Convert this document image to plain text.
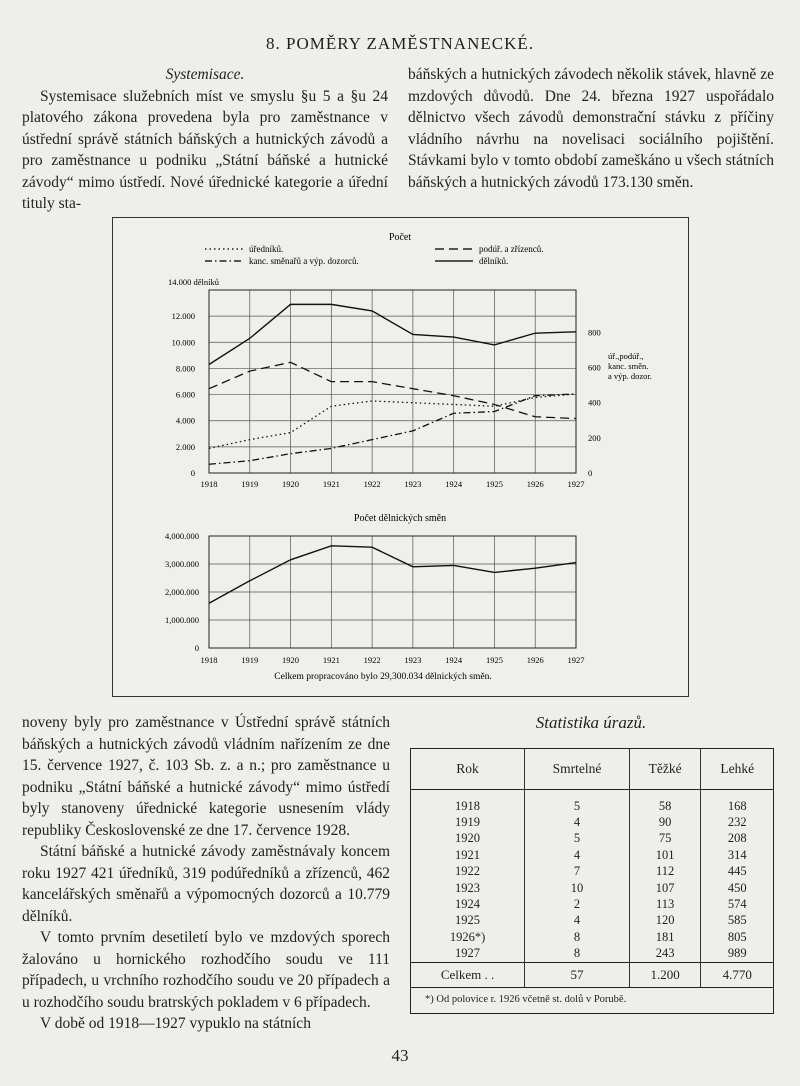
8. POMĚRY ZAMĚSTNANECKÉ.
Systemisace.

Systemisace služebních míst ve smyslu §u 5 a §u 24 platového zákona provedena byla pro zaměstnance v ústřední správě státních báňských a hutnických závodů a pro zaměstnance u podniku „Státní báňské a hutnické závody“ mimo ústředí. Nové úřednické kategorie a úřední tituly sta-

báňských a hutnických závodech několik stávek, hlavně ze mzdových důvodů. Dne 24. března 1927 uspořádalo dělnictvo všech závodů demonstrační stávku z příčiny vládního návrhu na novelisaci sociálního pojištění. Stávkami bylo v tomto období zameškáno u všech státních báňských a hutnických závodů 173.130 směn.

Počet
úředníků.	podúř. a zřízenců.
kanc. směnařů a výp. dozorců.	dělníků.
0
2.000
4.000
6.000
8.000
10.000
12.000
14.000 dělníků
0
200
400
600
800
úř.,podúř.,
kanc. směn.
a výp. dozor.
1918	1919	1920	1921	1922	1923	1924	1925	1926	1927
Počet dělnických směn
0
1,000.000
2,000.000
3,000.000
4,000.000
1918	1919	1920	1921	1922	1923	1924	1925	1926	1927
Celkem propracováno bylo 29,300.034 dělnických směn.

noveny byly pro zaměstnance v Ústřední správě státních báňských a hutnických závodů vládním nařízením ze dne 15. července 1927, č. 103 Sb. z. a n.; pro zaměstnance u podniku „Státní báňské a hutnické závody“ mimo ústředí byly stanoveny úřednické kategorie usnesením vlády republiky Československé ze dne 17. července 1928.

Státní báňské a hutnické závody zaměstnávaly koncem roku 1927 421 úředníků, 319 podúředníků a zřízenců, 462 kancelářských směnařů a výpomocných dozorců a 10.779 dělníků.

V tomto prvním desetiletí bylo ve mzdových sporech žalováno u hornického rozhodčího soudu ve 111 případech, u vrchního rozhodčího soudu ve 20 případech a u rozhodčího soudu bratrských pokladem v 6 případech.

V době od 1918—1927 vypuklo na státních

Statistika úrazů.
Rok	Smrtelné	Těžké	Lehké

1918	5	58	168
1919	4	90	232
1920	5	75	208
1921	4	101	314
1922	7	112	445
1923	10	107	450
1924	2	113	574
1925	4	120	585
1926*)	8	181	805
1927	8	243	989
Celkem . .	57	1.200	4.770
*) Od polovice r. 1926 včetně st. dolů v Porubě.
43
